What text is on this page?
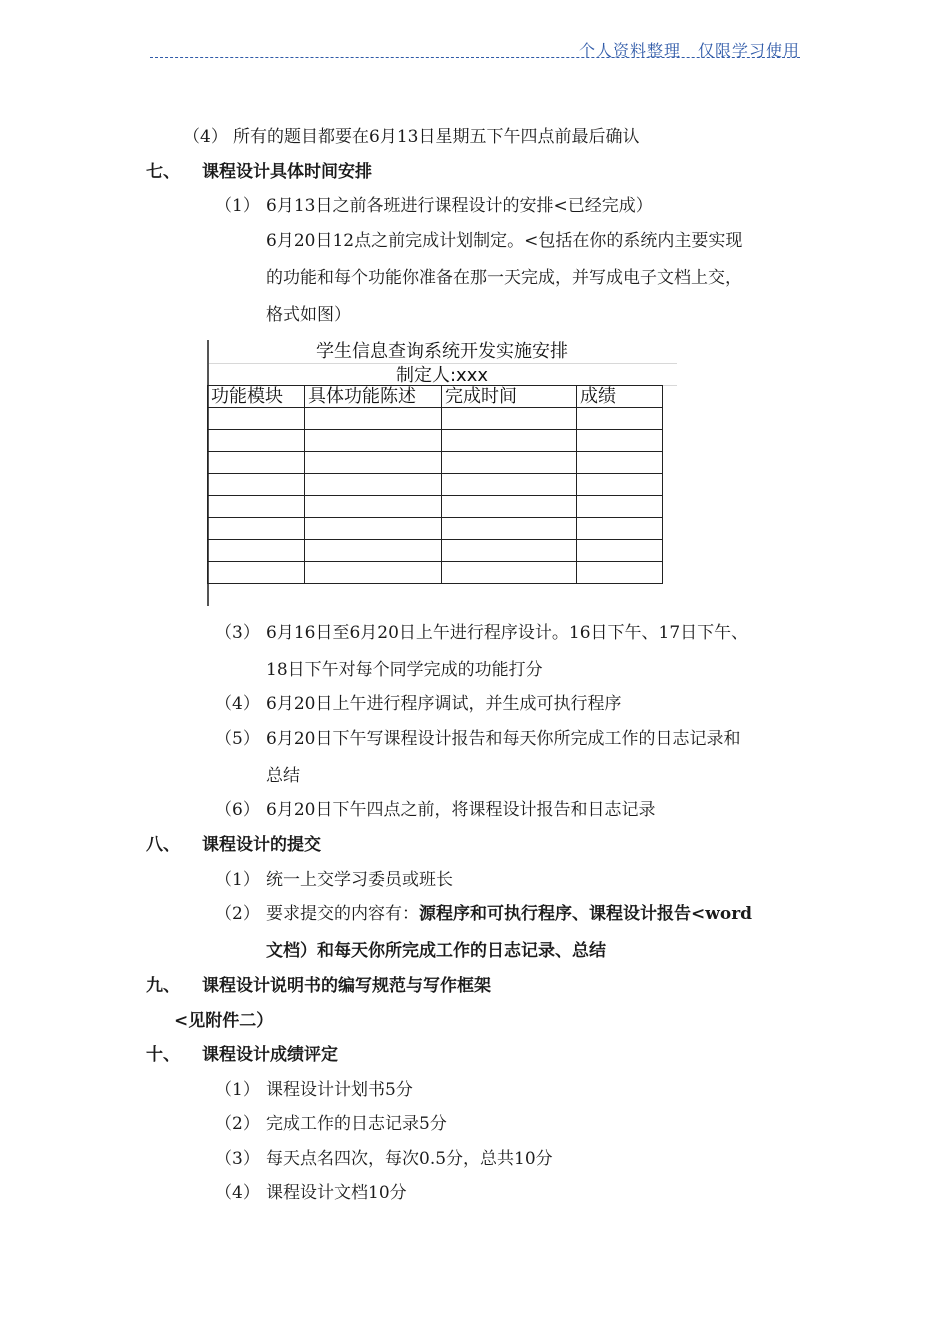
个人资料整理　仅限学习使用
（4） 所有的题目都要在6月13日星期五下午四点前最后确认
七、 课程设计具体时间安排
（1） 6月13日之前各班进行课程设计的安排<已经完成）
6月20日12点之前完成计划制定。<包括在你的系统内主要实现
的功能和每个功能你准备在那一天完成，并写成电子文档上交，
格式如图）
学生信息查询系统开发实施安排
制定人:xxx
功能模块	具体功能陈述	完成时间	成绩

（3） 6月16日至6月20日上午进行程序设计。16日下午、17日下午、
18日下午对每个同学完成的功能打分
（4） 6月20日上午进行程序调试，并生成可执行程序
（5） 6月20日下午写课程设计报告和每天你所完成工作的日志记录和
总结
（6） 6月20日下午四点之前，将课程设计报告和日志记录
八、 课程设计的提交
（1） 统一上交学习委员或班长
（2） 要求提交的内容有：源程序和可执行程序、课程设计报告<word
文档）和每天你所完成工作的日志记录、总结
九、 课程设计说明书的编写规范与写作框架
<见附件二）
十、 课程设计成绩评定
（1） 课程设计计划书5分
（2） 完成工作的日志记录5分
（3） 每天点名四次，每次0.5分，总共10分
（4） 课程设计文档10分
